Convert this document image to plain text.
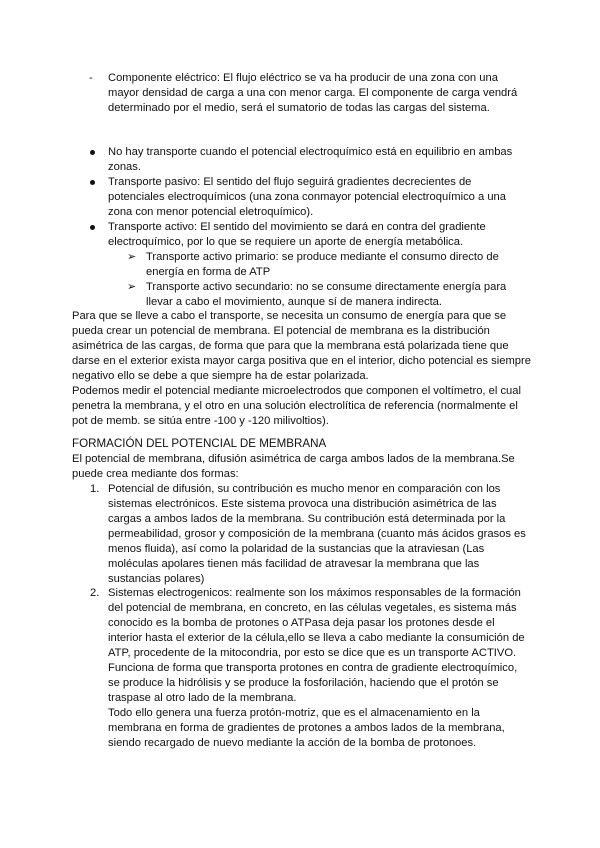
- Componente eléctrico: El flujo eléctrico se va ha producir de una zona con una
mayor densidad de carga a una con menor carga. El componente de carga vendrá
determinado por el medio, será el sumatorio de todas las cargas del sistema.
No hay transporte cuando el potencial electroquímico está en equilibrio en ambas
zonas.
Transporte pasivo: El sentido del flujo seguirá gradientes decrecientes de
potenciales electroquímicos (una zona conmayor potencial electroquímico a una
zona con menor potencial eletroquímico).
Transporte activo: El sentido del movimiento se dará en contra del gradiente
electroquímico, por lo que se requiere un aporte de energía metabólica.
➢ Transporte activo primario: se produce mediante el consumo directo de
energía en forma de ATP
➢ Transporte activo secundario: no se consume directamente energía para
llevar a cabo el movimiento, aunque sí de manera indirecta.
Para que se lleve a cabo el transporte, se necesita un consumo de energía para que se
pueda crear un potencial de membrana. El potencial de membrana es la distribución
asimétrica de las cargas, de forma que para que la membrana está polarizada tiene que
darse en el exterior exista mayor carga positiva que en el interior, dicho potencial es siempre
negativo ello se debe a que siempre ha de estar polarizada.
Podemos medir el potencial mediante microelectrodos que componen el voltímetro, el cual
penetra la membrana, y el otro en una solución electrolítica de referencia (normalmente el
pot de memb. se sitúa entre -100 y -120 milivoltios).
FORMACIÓN DEL POTENCIAL DE MEMBRANA
El potencial de membrana, difusión asimétrica de carga ambos lados de la membrana.Se
puede crea mediante dos formas:
1. Potencial de difusión, su contribución es mucho menor en comparación con los
sistemas electrónicos. Este sistema provoca una distribución asimétrica de las
cargas a ambos lados de la membrana. Su contribución está determinada por la
permeabilidad, grosor y composición de la membrana (cuanto más ácidos grasos es
menos fluida), así como la polaridad de la sustancias que la atraviesan (Las
moléculas apolares tienen más facilidad de atravesar la membrana que las
sustancias polares)
2. Sistemas electrogenicos: realmente son los máximos responsables de la formación
del potencial de membrana, en concreto, en las células vegetales, es sistema más
conocido es la bomba de protones o ATPasa deja pasar los protones desde el
interior hasta el exterior de la célula,ello se lleva a cabo mediante la consumición de
ATP, procedente de la mitocondria, por esto se dice que es un transporte ACTIVO.
Funciona de forma que transporta protones en contra de gradiente electroquímico,
se produce la hidrólisis y se produce la fosforilación, haciendo que el protón se
traspase al otro lado de la membrana.
Todo ello genera una fuerza protón-motriz, que es el almacenamiento en la
membrana en forma de gradientes de protones a ambos lados de la membrana,
siendo recargado de nuevo mediante la acción de la bomba de protonoes.
